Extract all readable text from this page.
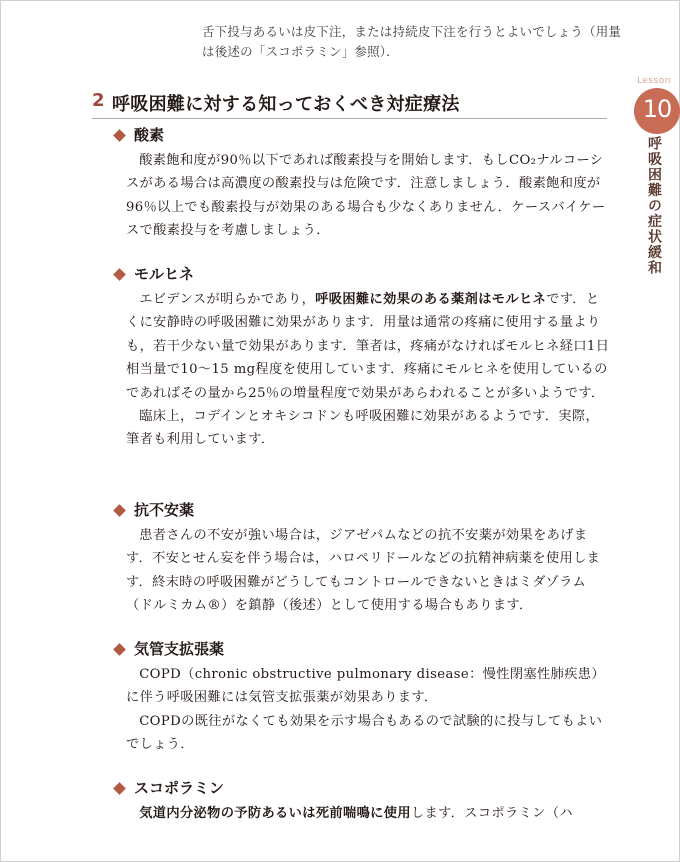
舌下投与あるいは皮下注，または持続皮下注を行うとよいでしょう（用量は後述の「スコポラミン」参照）．
2 呼吸困難に対する知っておくべき対症療法
Lesson
10
呼吸困難の症状緩和
酸素

酸素飽和度が90％以下であれば酸素投与を開始します．もしCO₂ナルコーシスがある場合は高濃度の酸素投与は危険です．注意しましょう．酸素飽和度が96％以上でも酸素投与が効果のある場合も少なくありません．ケースバイケースで酸素投与を考慮しましょう．

モルヒネ

エビデンスが明らかであり，呼吸困難に効果のある薬剤はモルヒネです．とくに安静時の呼吸困難に効果があります．用量は通常の疼痛に使用する量よりも，若干少ない量で効果があります．筆者は，疼痛がなければモルヒネ経口1日相当量で10～15 mg程度を使用しています．疼痛にモルヒネを使用しているのであればその量から25％の増量程度で効果があらわれることが多いようです．

臨床上，コデインとオキシコドンも呼吸困難に効果があるようです．実際，筆者も利用しています．

抗不安薬

患者さんの不安が強い場合は，ジアゼパムなどの抗不安薬が効果をあげます．不安とせん妄を伴う場合は，ハロペリドールなどの抗精神病薬を使用します．終末時の呼吸困難がどうしてもコントロールできないときはミダゾラム（ドルミカム®）を鎮静（後述）として使用する場合もあります．

気管支拡張薬

COPD（chronic obstructive pulmonary disease：慢性閉塞性肺疾患）に伴う呼吸困難には気管支拡張薬が効果あります．

COPDの既往がなくても効果を示す場合もあるので試験的に投与してもよいでしょう．

スコポラミン

気道内分泌物の予防あるいは死前喘鳴に使用します．スコポラミン（ハ
